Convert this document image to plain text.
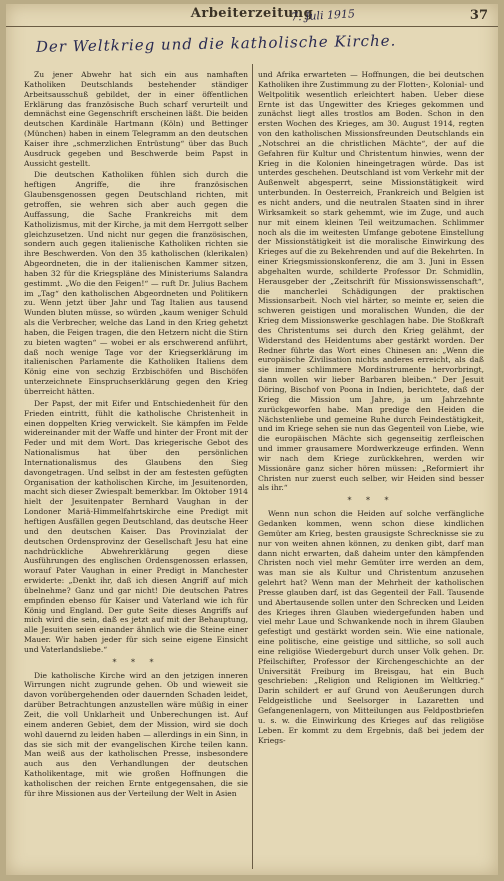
Arbeiterzeitung
7. Juli 1915	37
Der Weltkrieg und die katholische Kirche.

Zu jener Abwehr hat sich ein aus namhaften Katholiken Deutschlands bestehender ständiger Arbeitsausschuß gebildet, der in einer öffentlichen Erklärung das französische Buch scharf verurteilt und demnächst eine Gegenschrift erscheinen läßt. Die beiden deutschen Kardinäle Hartmann (Köln) und Bettinger (München) haben in einem Telegramm an den deutschen Kaiser ihre „schmerzlichen Entrüstung“ über das Buch Ausdruck gegeben und Beschwerde beim Papst in Aussicht gestellt.

Die deutschen Katholiken fühlen sich durch die heftigen Angriffe, die ihre französischen Glaubensgenossen gegen Deutschland richten, mit getroffen, sie wehren sich aber auch gegen die Auffassung, die Sache Frankreichs mit dem Katholizismus, mit der Kirche, ja mit dem Herrgott selber gleichzusetzen. Und nicht nur gegen die französischen, sondern auch gegen italienische Katholiken richten sie ihre Beschwerden. Von den 35 katholischen (klerikalen) Abgeordneten, die in der italienischen Kammer sitzen, haben 32 für die Kriegspläne des Ministeriums Salandra gestimmt. „Wo die den Feigen!“ — ruft Dr. Julius Bachem im „Tag“ den katholischen Abgeordneten und Politikern zu. Wenn jetzt über Jahr und Tag Italien aus tausend Wunden bluten müsse, so würden „kaum weniger Schuld als die Verbrecher, welche das Land in den Krieg gehetzt haben, die Feigen tragen, die den Hetzern nicht die Stirn zu bieten wagten“ — wobei er als erschwerend anführt, daß noch wenige Tage vor der Kriegserklärung im italienischen Parlamente die Katholiken Italiens dem König eine von sechzig Erzbischöfen und Bischöfen unterzeichnete Einspruchserklärung gegen den Krieg überreicht hätten.

Der Papst, der mit Eifer und Entschiedenheit für den Frieden eintritt, fühlt die katholische Christenheit in einen doppelten Krieg verwickelt. Sie kämpfen im Felde widereinander mit der Waffe und hinter der Front mit der Feder und mit dem Wort. Das kriegerische Gebot des Nationalismus hat über den persönlichen Internationalismus des Glaubens den Sieg davongetragen. Und selbst in der am festesten gefügten Organisation der katholischen Kirche, im Jesuitenorden, macht sich dieser Zwiespalt bemerkbar. Im Oktober 1914 hielt der Jesuitenpater Bernhard Vaughan in der Londoner Mariä-Himmelfahrtskirche eine Predigt mit heftigen Ausfällen gegen Deutschland, das deutsche Heer und den deutschen Kaiser. Das Provinzialat der deutschen Ordensprovinz der Gesellschaft Jesu hat eine nachdrückliche Abwehrerklärung gegen diese Ausführungen des englischen Ordensgenossen erlassen, worauf Pater Vaughan in einer Predigt in Manchester erwiderte: „Denkt ihr, daß ich diesen Angriff auf mich übelnehme? Ganz und gar nicht! Die deutschen Patres empfinden ebenso für Kaiser und Vaterland wie ich für König und England. Der gute Seite dieses Angriffs auf mich wird die sein, daß es jetzt auf mit der Behauptung, alle Jesuiten seien einander ähnlich wie die Steine einer Mauer. Wir haben jeder für sich seine eigene Einsicht und Vaterlandsliebe.“

* * *

Die katholische Kirche wird an den jetzigen inneren Wirrungen nicht zugrunde gehen. Ob und wieweit sie davon vorübergehenden oder dauernden Schaden leidet, darüber Betrachtungen anzustellen wäre müßig in einer Zeit, die voll Unklarheit und Unberechungen ist. Auf einem anderen Gebiet, dem der Mission, wird sie doch wohl dauernd zu leiden haben — allerdings in ein Sinn, in das sie sich mit der evangelischen Kirche teilen kann. Man weiß aus der katholischen Presse, insbesondere auch aus den Verhandlungen der deutschen Katholikentage, mit wie großen Hoffnungen die katholischen der reichen Ernte entgegensahen, die sie für ihre Missionen aus der Verteilung der Welt in Asien

und Afrika erwarteten — Hoffnungen, die bei deutschen Katholiken ihre Zustimmung zu der Flotten-, Kolonial- und Weltpolitik wesentlich erleichtert haben. Ueber diese Ernte ist das Ungewitter des Krieges gekommen und zunächst liegt alles trostlos am Boden. Schon in den ersten Wochen des Krieges, am 30. August 1914, regten von den katholischen Missionsfreunden Deutschlands ein „Notschrei an die christlichen Mächte“, der auf die Gefahren für Kultur und Christentum hinwies, wenn der Krieg in die Kolonien hineingetragen würde. Das ist unterdes geschehen. Deutschland ist vom Verkehr mit der Außenwelt abgesperrt, seine Missionstätigkeit wird unterbunden. In Oesterreich, Frankreich und Belgien ist es nicht anders, und die neutralen Staaten sind in ihrer Wirksamkeit so stark gehemmt, wie im Zuge, und auch nur mit einem kleinen Teil weitzumachen. Schlimmer noch als die im weitesten Umfange gebotene Einstellung der Missionstätigkeit ist die moralische Einwirkung des Krieges auf die zu Bekehrenden und auf die Bekehrten. In einer Kriegsmissionskonferenz, die am 3. Juni in Essen abgehalten wurde, schilderte Professor Dr. Schmidlin, Herausgeber der „Zeitschrift für Missionswissenschaft“, die mancherlei Schädigungen der praktischen Missionsarbeit. Noch viel härter, so meinte er, seien die schweren geistigen und moralischen Wunden, die der Krieg dem Missionswerke geschlagen habe. Die Stoßkraft des Christentums sei durch den Krieg gelähmt, der Widerstand des Heidentums aber gestärkt worden. Der Redner führte das Wort eines Chinesen an: „Wenn die europäische Zivilisation nichts anderes erreicht, als daß sie immer schlimmere Mordinstrumente hervorbringt, dann wollen wir lieber Barbaren bleiben.“ Der Jesuit Döring, Bischof von Poona in Indien, berichtete, daß der Krieg die Mission um Jahre, ja um Jahrzehnte zurückgeworfen habe. Man predige den Heiden die Nächstenliebe und gemeine Ruhe durch Feindestätigkeit, und im Kriege sehen sie nun das Gegenteil von Liebe, wie die europäischen Mächte sich gegenseitig zerfleischen und immer grausamere Mordwerkzeuge erfinden. Wenn wir nach dem Kriege zurückkehren, werden wir Missionäre ganz sicher hören müssen: „Reformiert ihr Christen nur zuerst euch selber, wir Heiden sind besser als ihr.“

* * *

Wenn nun schon die Heiden auf solche verfängliche Gedanken kommen, wenn schon diese kindlichen Gemüter am Krieg, besten grausigste Schrecknisse sie zu nur von weiten ahnen können, zu denken gibt, darf man dann nicht erwarten, daß daheim unter den kämpfenden Christen noch viel mehr Gemüter irre werden an dem, was man sie als Kultur und Christentum anzusehen gelehrt hat? Wenn man der Mehrheit der katholischen Presse glauben darf, ist das Gegenteil der Fall. Tausende und Abertausende sollen unter den Schrecken und Leiden des Krieges ihren Glauben wiedergefunden haben und viel mehr Laue und Schwankende noch in ihrem Glauben gefestigt und gestärkt worden sein. Wie eine nationale, eine politische, eine geistige und sittliche, so soll auch eine religiöse Wiedergeburt durch unser Volk gehen. Dr. Pfeilschifter, Professor der Kirchengeschichte an der Universität Freiburg im Breisgau, hat ein Buch geschrieben: „Religion und Religionen im Weltkrieg.“ Darin schildert er auf Grund von Aeußerungen durch Feldgeistliche und Seelsorger in Lazaretten und Gefangenenlagern, von Mitteilungen aus Feldpostbriefen u. s. w. die Einwirkung des Krieges auf das religiöse Leben. Er kommt zu dem Ergebnis, daß bei jedem der Kriegs-
